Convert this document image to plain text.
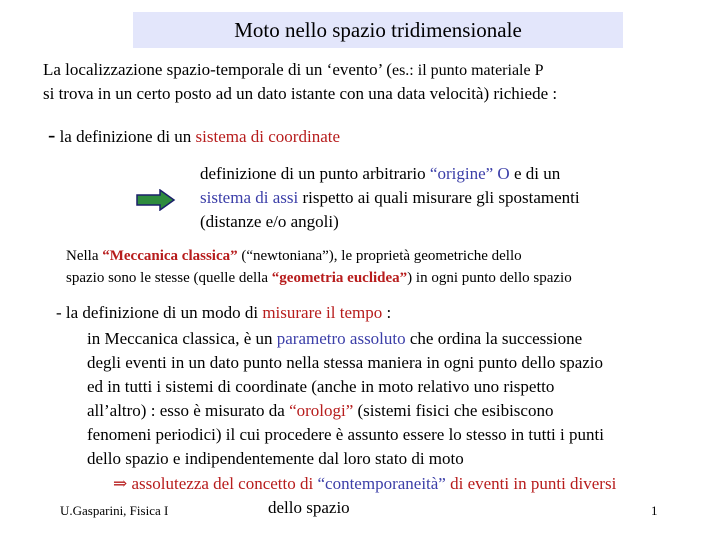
Moto nello spazio tridimensionale
La localizzazione spazio-temporale di un ‘evento’ (es.: il punto materiale P
si trova in un certo posto ad un dato istante con una data velocità) richiede :
- la definizione di un sistema di coordinate
definizione di un punto arbitrario “origine” O e di un
sistema di assi rispetto ai quali misurare gli spostamenti
(distanze e/o angoli)
Nella “Meccanica classica” (“newtoniana”), le proprietà geometriche dello
spazio sono le stesse (quelle della “geometria euclidea”) in ogni punto dello spazio
- la definizione di un modo di misurare il tempo :
in Meccanica classica, è un parametro assoluto che ordina la successione
degli eventi in un dato punto nella stessa maniera in ogni punto dello spazio
ed in tutti i sistemi di coordinate (anche in moto relativo uno rispetto
all’altro) : esso è misurato da “orologi” (sistemi fisici che esibiscono
fenomeni periodici) il cui procedere è assunto essere lo stesso in tutti i punti
dello spazio e indipendentemente dal loro stato di moto
⇒ assolutezza del concetto di “contemporaneità” di eventi in punti diversi
dello spazio
U.Gasparini, Fisica I	1
